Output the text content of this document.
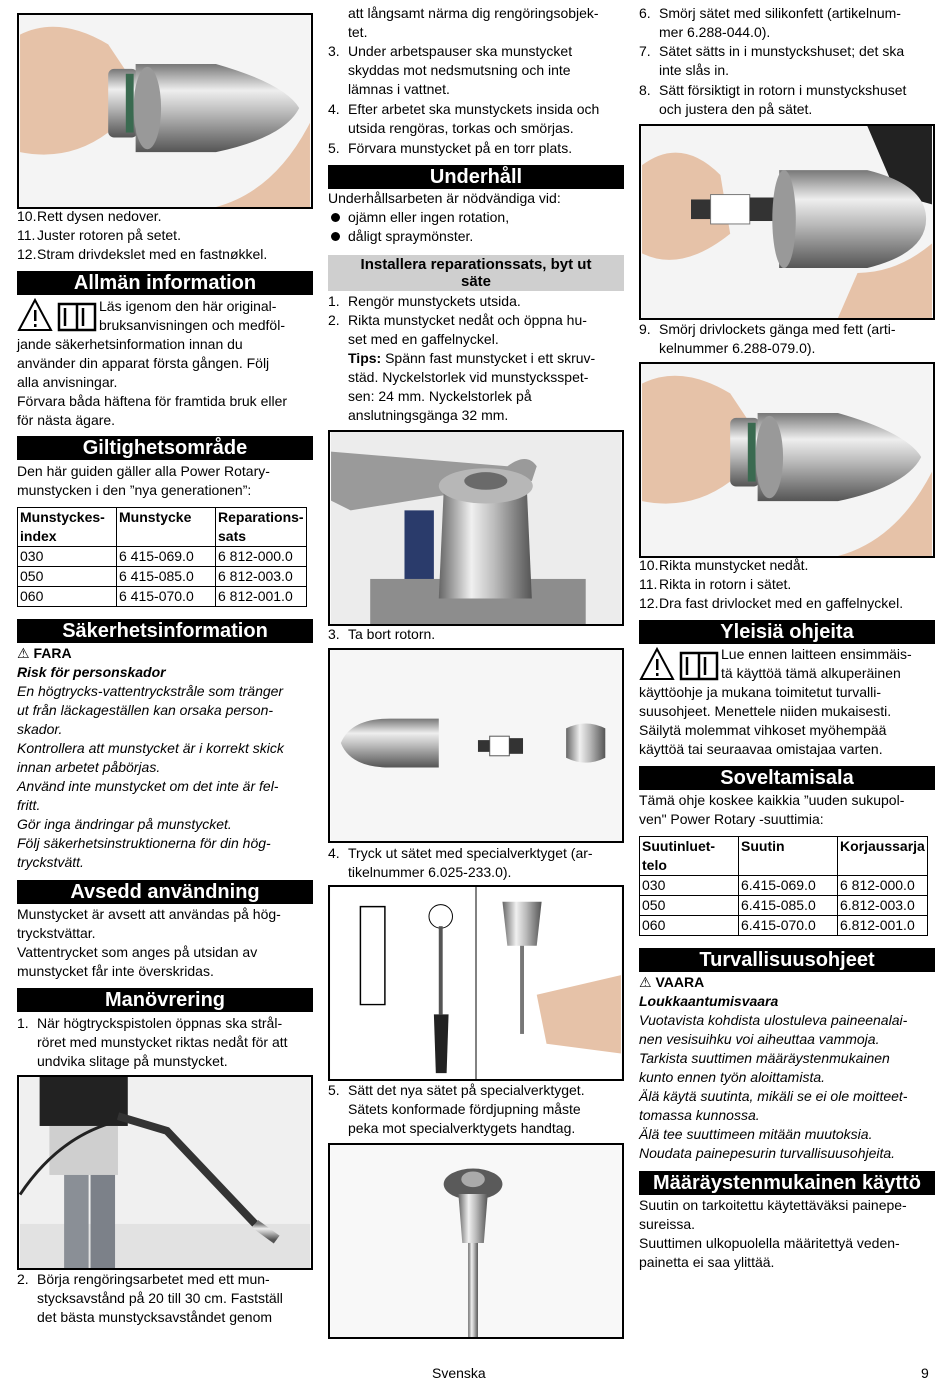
10. Rett dysen nedover.
11. Juster rotoren på setet.
12. Stram drivdekslet med en fastnøkkel.
Allmän information
Läs igenom den här original-
bruksanvisningen och medföl-
jande säkerhetsinformation innan du
använder din apparat första gången. Följ
alla anvisningar.
Förvara båda häftena för framtida bruk eller
för nästa ägare.
Giltighetsområde
Den här guiden gäller alla Power Rotary-
munstycken i den ”nya generationen”:
Munstyckes-
index	Munstycke	Reparations-
sats
030	6 415-069.0	6 812-000.0
050	6 415-085.0	6 812-003.0
060	6 415-070.0	6 812-001.0
Säkerhetsinformation
⚠ FARA
Risk för personskador
En högtrycks-vattentryckstråle som tränger
ut från läckageställen kan orsaka person-
skador.
Kontrollera att munstycket är i korrekt skick
innan arbetet påbörjas.
Använd inte munstycket om det inte är fel-
fritt.
Gör inga ändringar på munstycket.
Följ säkerhetsinstruktionerna för din hög-
tryckstvätt.
Avsedd användning
Munstycket är avsett att användas på hög-
tryckstvättar.
Vattentrycket som anges på utsidan av
munstycket får inte överskridas.
Manövrering
1. När högtryckspistolen öppnas ska strål-
röret med munstycket riktas nedåt för att
undvika slitage på munstycket.
2. Börja rengöringsarbetet med ett mun-
stycksavstånd på 20 till 30 cm. Fastställ
det bästa munstycksavståndet genom
att långsamt närma dig rengöringsobjek-
tet.
3. Under arbetspauser ska munstycket
skyddas mot nedsmutsning och inte
lämnas i vattnet.
4. Efter arbetet ska munstyckets insida och
utsida rengöras, torkas och smörjas.
5. Förvara munstycket på en torr plats.
Underhåll
Underhållsarbeten är nödvändiga vid:
ojämn eller ingen rotation,
dåligt spraymönster.
Installera reparationssats, byt ut
säte
1. Rengör munstyckets utsida.
2. Rikta munstycket nedåt och öppna hu-
set med en gaffelnyckel.
Tips: Spänn fast munstycket i ett skruv-
städ. Nyckelstorlek vid munstycksspet-
sen: 24 mm. Nyckelstorlek på
anslutningsgänga 32 mm.
3. Ta bort rotorn.
4. Tryck ut sätet med specialverktyget (ar-
tikelnummer 6.025-233.0).
5. Sätt det nya sätet på specialverktyget.
Sätets konformade fördjupning måste
peka mot specialverktygets handtag.
6. Smörj sätet med silikonfett (artikelnum-
mer 6.288-044.0).
7. Sätet sätts in i munstyckshuset; det ska
inte slås in.
8. Sätt försiktigt in rotorn i munstyckshuset
och justera den på sätet.
9. Smörj drivlockets gänga med fett (arti-
kelnummer 6.288-079.0).
10. Rikta munstycket nedåt.
11. Rikta in rotorn i sätet.
12. Dra fast drivlocket med en gaffelnyckel.
Yleisiä ohjeita
Lue ennen laitteen ensimmäis-
tä käyttöä tämä alkuperäinen
käyttöohje ja mukana toimitetut turvalli-
suusohjeet. Menettele niiden mukaisesti.
Säilytä molemmat vihkoset myöhempää
käyttöä tai seuraavaa omistajaa varten.
Soveltamisala
Tämä ohje koskee kaikkia ”uuden sukupol-
ven" Power Rotary -suuttimia:
Suutinluet-
telo	Suutin	Korjaussarja

030	6.415-069.0	6 812-000.0
050	6.415-085.0	6.812-003.0
060	6.415-070.0	6.812-001.0
Turvallisuusohjeet
⚠ VAARA
Loukkaantumisvaara
Vuotavista kohdista ulostuleva paineenalai-
nen vesisuihku voi aiheuttaa vammoja.
Tarkista suuttimen määräystenmukainen
kunto ennen työn aloittamista.
Älä käytä suutinta, mikäli se ei ole moitteet-
tomassa kunnossa.
Älä tee suuttimeen mitään muutoksia.
Noudata painepesurin turvallisuusohjeita.
Määräystenmukainen käyttö
Suutin on tarkoitettu käytettäväksi painepe-
sureissa.
Suuttimen ulkopuolella määritettyä veden-
painetta ei saa ylittää.
Svenska	9
